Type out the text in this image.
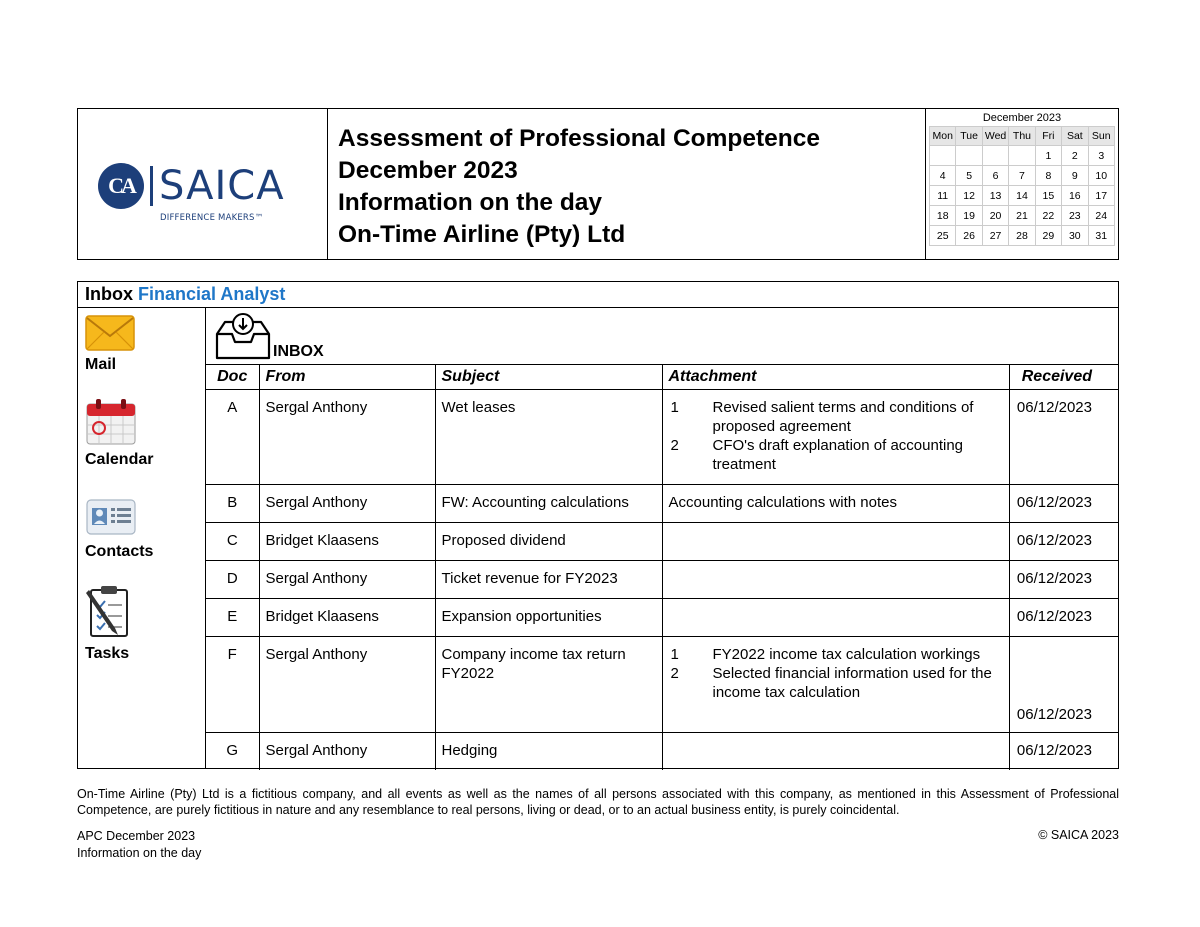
CA SAICA
DIFFERENCE MAKERS™
Assessment of Professional Competence
December 2023
Information on the day
On-Time Airline (Pty) Ltd
December 2023
Mon	Tue	Wed	Thu	Fri	Sat	Sun
				1	2	3
4	5	6	7	8	9	10
11	12	13	14	15	16	17
18	19	20	21	22	23	24
25	26	27	28	29	30	31
Inbox Financial Analyst
Mail
Calendar
Contacts
Tasks
INBOX
Doc	From	Subject	Attachment	Received
A	Sergal Anthony	Wet leases	1 Revised salient terms and conditions of proposed agreement
2 CFO's draft explanation of accounting treatment	06/12/2023
B	Sergal Anthony	FW: Accounting calculations	Accounting calculations with notes	06/12/2023
C	Bridget Klaasens	Proposed dividend		06/12/2023
D	Sergal Anthony	Ticket revenue for FY2023		06/12/2023
E	Bridget Klaasens	Expansion opportunities		06/12/2023
F	Sergal Anthony	Company income tax return FY2022	1 FY2022 income tax calculation workings
2 Selected financial information used for the income tax calculation	06/12/2023
G	Sergal Anthony	Hedging		06/12/2023
On-Time Airline (Pty) Ltd is a fictitious company, and all events as well as the names of all persons associated with this company, as mentioned in this Assessment of Professional Competence, are purely fictitious in nature and any resemblance to real persons, living or dead, or to an actual business entity, is purely coincidental.
APC December 2023
Information on the day
© SAICA 2023
